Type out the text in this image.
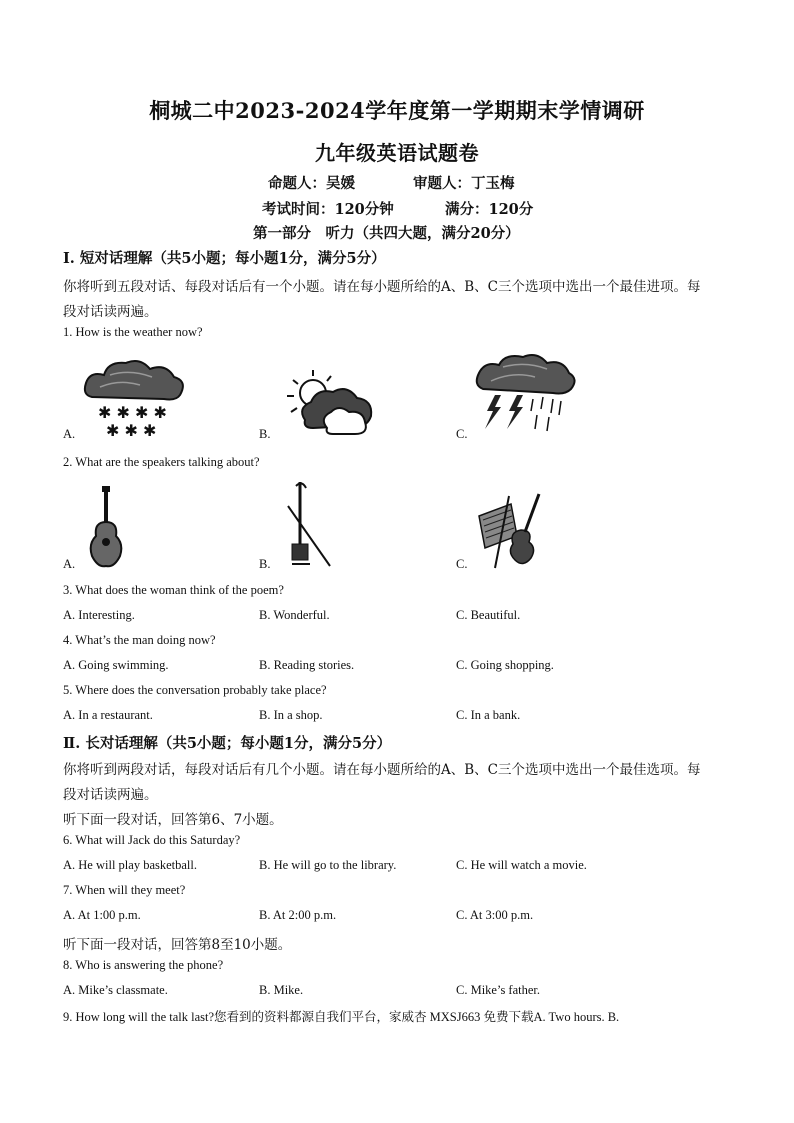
桐城二中2023-2024学年度第一学期期末学情调研
九年级英语试题卷
命题人：吴媛	审题人：丁玉梅
考试时间：120分钟	满分：120分
第一部分　听力（共四大题，满分20分）
Ⅰ. 短对话理解（共5小题；每小题1分，满分5分）
你将听到五段对话、每段对话后有一个小题。请在每小题所给的A、B、C三个选项中选出一个最佳进项。每
段对话读两遍。
1. How is the weather now?
✱ ✱ ✱ ✱
✱ ✱ ✱
A.	B.	C.
2. What are the speakers talking about?
A.	B.	C.
3. What does the woman think of the poem?
A. Interesting.	B. Wonderful.	C. Beautiful.
4. What’s the man doing now?
A. Going swimming.	B. Reading stories.	C. Going shopping.
5. Where does the conversation probably take place?
A. In a restaurant.	B. In a shop.	C. In a bank.
Ⅱ. 长对话理解（共5小题；每小题1分，满分5分）
你将听到两段对话，每段对话后有几个小题。请在每小题所给的A、B、C三个选项中选出一个最佳选项。每
段对话读两遍。
听下面一段对话，回答第6、7小题。
6. What will Jack do this Saturday?
A. He will play basketball.	B. He will go to the library.	C. He will watch a movie.
7. When will they meet?
A. At 1:00 p.m.	B. At 2:00 p.m.	C. At 3:00 p.m.
听下面一段对话，回答第8至10小题。
8. Who is answering the phone?
A. Mike’s classmate.	B. Mike.	C. Mike’s father.
9. How long will the talk last?您看到的资料都源自我们平台，家威杏 MXSJ663 免费下载A. Two hours. B.
